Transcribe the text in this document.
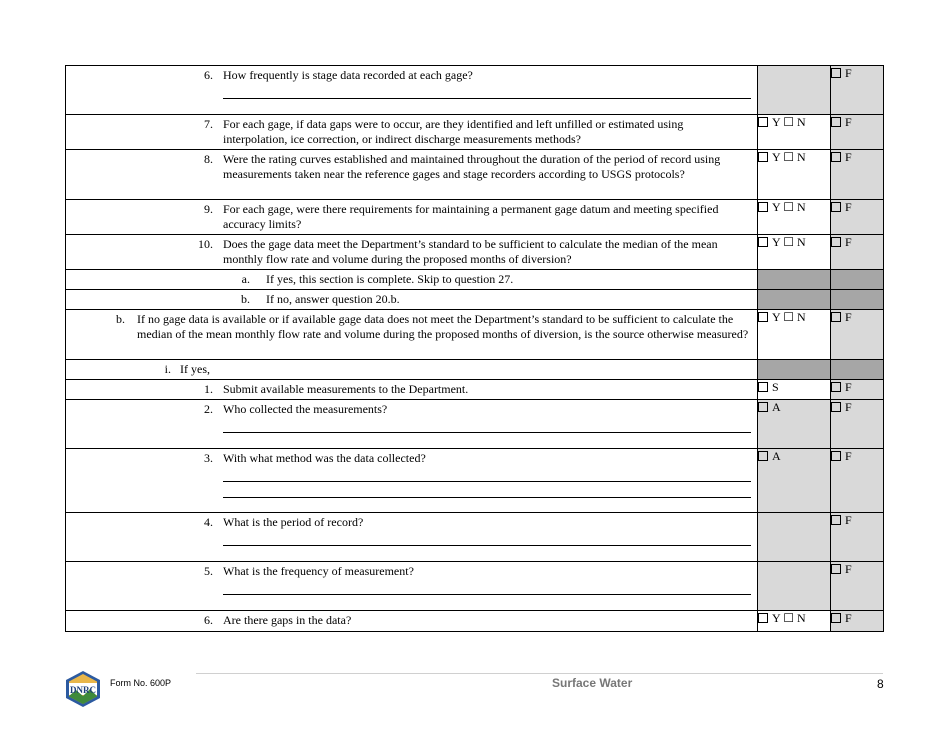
6. How frequently is stage data recorded at each gage?		F

7. For each gage, if data gaps were to occur, are they identified and left unfilled or estimated using interpolation, ice correction, or indirect discharge measurements methods?	Y ☐ N	F

8. Were the rating curves established and maintained throughout the duration of the period of record using measurements taken near the reference gages and stage recorders according to USGS protocols?	Y ☐ N	F

9. For each gage, were there requirements for maintaining a permanent gage datum and meeting specified accuracy limits?	Y ☐ N	F

10. Does the gage data meet the Department’s standard to be sufficient to calculate the median of the mean monthly flow rate and volume during the proposed months of diversion?	Y ☐ N	F

a. If yes, this section is complete. Skip to question 27.		

b. If no, answer question 20.b.		

b. If no gage data is available or if available gage data does not meet the Department’s standard to be sufficient to calculate the median of the mean monthly flow rate and volume during the proposed months of diversion, is the source otherwise measured?	Y ☐ N	F

i. If yes,		

1. Submit available measurements to the Department.	S	F

2. Who collected the measurements?	A	F

3. With what method was the data collected?	A	F

4. What is the period of record?		F

5. What is the frequency of measurement?		F

6. Are there gaps in the data?	Y ☐ N	F
DNRC
Form No. 600P	Surface Water	8
